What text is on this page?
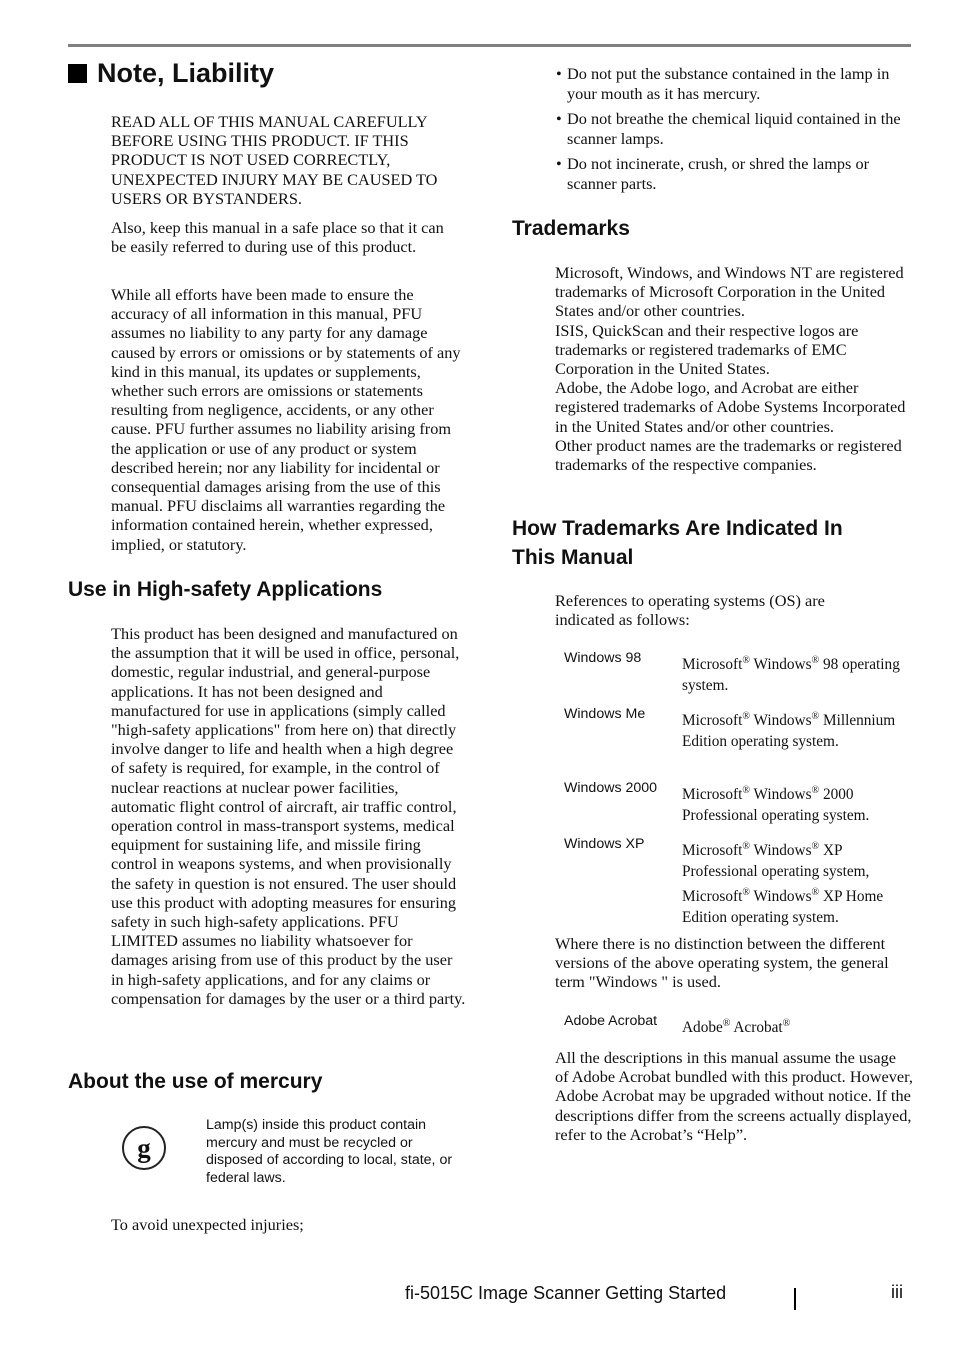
Note, Liability

READ ALL OF THIS MANUAL CAREFULLY BEFORE USING THIS PRODUCT. IF THIS PRODUCT IS NOT USED CORRECTLY, UNEXPECTED INJURY MAY BE CAUSED TO USERS OR BYSTANDERS.

Also, keep this manual in a safe place so that it can be easily referred to during use of this product.

While all efforts have been made to ensure the accuracy of all information in this manual, PFU assumes no liability to any party for any damage caused by errors or omissions or by statements of any kind in this manual, its updates or supplements, whether such errors are omissions or statements resulting from negligence, accidents, or any other cause. PFU further assumes no liability arising from the application or use of any product or system described herein; nor any liability for incidental or consequential damages arising from the use of this manual. PFU disclaims all warranties regarding the information contained herein, whether expressed, implied, or statutory.

Use in High-safety Applications

This product has been designed and manufactured on the assumption that it will be used in office, personal, domestic, regular industrial, and general-purpose applications. It has not been designed and manufactured for use in applications (simply called "high-safety applications" from here on) that directly involve danger to life and health when a high degree of safety is required, for example, in the control of nuclear reactions at nuclear power facilities, automatic flight control of aircraft, air traffic control, operation control in mass-transport systems, medical equipment for sustaining life, and missile firing control in weapons systems, and when provisionally the safety in question is not ensured. The user should use this product with adopting measures for ensuring safety in such high-safety applications. PFU LIMITED assumes no liability whatsoever for damages arising from use of this product by the user in high-safety applications, and for any claims or compensation for damages by the user or a third party.

About the use of mercury
g
Lamp(s) inside this product contain mercury and must be recycled or disposed of according to local, state, or federal laws.

To avoid unexpected injuries;

• Do not put the substance contained in the lamp in your mouth as it has mercury.
• Do not breathe the chemical liquid contained in the scanner lamps.
• Do not incinerate, crush, or shred the lamps or scanner parts.
Trademarks
Microsoft, Windows, and Windows NT are registered trademarks of Microsoft Corporation in the United States and/or other countries.
ISIS, QuickScan and their respective logos are trademarks or registered trademarks of EMC Corporation in the United States.
Adobe, the Adobe logo, and Acrobat are either registered trademarks of Adobe Systems Incorporated in the United States and/or other countries.
Other product names are the trademarks or registered trademarks of the respective companies.
How Trademarks Are Indicated In
This Manual

References to operating systems (OS) are indicated as follows:

Windows 98	Microsoft® Windows® 98 operating system.
Windows Me	Microsoft® Windows® Millennium Edition operating system.
Windows 2000	Microsoft® Windows® 2000 Professional operating system.
Windows XP	Microsoft® Windows® XP Professional operating system,
Microsoft® Windows® XP Home Edition operating system.

Where there is no distinction between the different versions of the above operating system, the general term "Windows " is used.

Adobe Acrobat	Adobe® Acrobat®

All the descriptions in this manual assume the usage of Adobe Acrobat bundled with this product. However, Adobe Acrobat may be upgraded without notice. If the descriptions differ from the screens actually displayed, refer to the Acrobat’s “Help”.

fi-5015C Image Scanner Getting Started	iii
